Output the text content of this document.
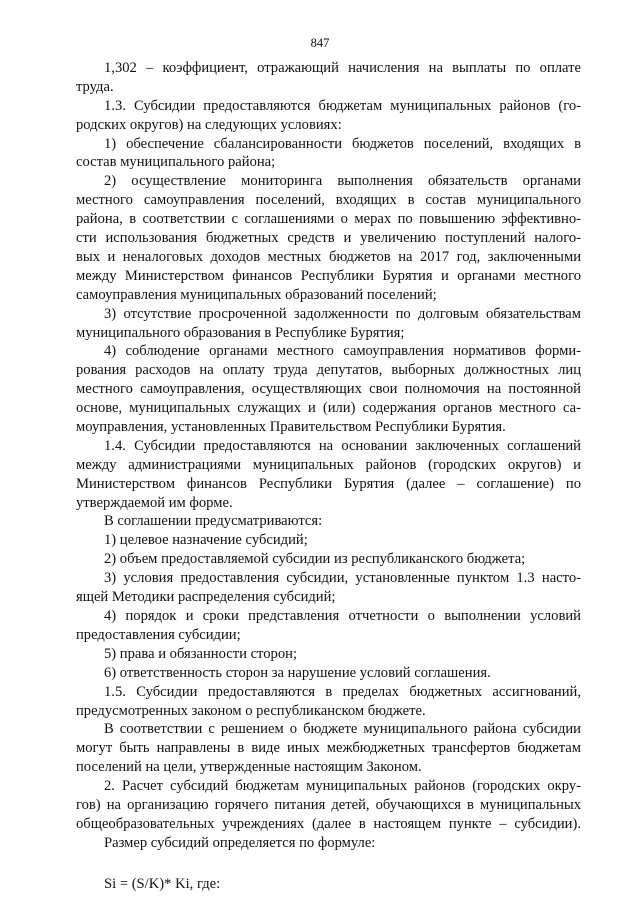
847
1,302 – коэффициент, отражающий начисления на выплаты по оплате
труда.
1.3. Субсидии предоставляются бюджетам муниципальных районов (го-
родских округов) на следующих условиях:
1) обеспечение сбалансированности бюджетов поселений, входящих в
состав муниципального района;
2) осуществление мониторинга выполнения обязательств органами
местного самоуправления поселений, входящих в состав муниципального
района, в соответствии с соглашениями о мерах по повышению эффективно-
сти использования бюджетных средств и увеличению поступлений налого-
вых и неналоговых доходов местных бюджетов на 2017 год, заключенными
между Министерством финансов Республики Бурятия и органами местного
самоуправления муниципальных образований поселений;
3) отсутствие просроченной задолженности по долговым обязательствам
муниципального образования в Республике Бурятия;
4) соблюдение органами местного самоуправления нормативов форми-
рования расходов на оплату труда депутатов, выборных должностных лиц
местного самоуправления, осуществляющих свои полномочия на постоянной
основе, муниципальных служащих и (или) содержания органов местного са-
моуправления, установленных Правительством Республики Бурятия.
1.4. Субсидии предоставляются на основании заключенных соглашений
между администрациями муниципальных районов (городских округов) и
Министерством финансов Республики Бурятия (далее – соглашение) по
утверждаемой им форме.
В соглашении предусматриваются:
1) целевое назначение субсидий;
2) объем предоставляемой субсидии из республиканского бюджета;
3) условия предоставления субсидии, установленные пунктом 1.3 насто-
ящей Методики распределения субсидий;
4) порядок и сроки представления отчетности о выполнении условий
предоставления субсидии;
5) права и обязанности сторон;
6) ответственность сторон за нарушение условий соглашения.
1.5. Субсидии предоставляются в пределах бюджетных ассигнований,
предусмотренных законом о республиканском бюджете.
В соответствии с решением о бюджете муниципального района субсидии
могут быть направлены в виде иных межбюджетных трансфертов бюджетам
поселений на цели, утвержденные настоящим Законом.
2. Расчет субсидий бюджетам муниципальных районов (городских окру-
гов) на организацию горячего питания детей, обучающихся в муниципальных
общеобразовательных учреждениях (далее в настоящем пункте – субсидии).
Размер субсидий определяется по формуле:
Si = (S/K)* Ki, где:
